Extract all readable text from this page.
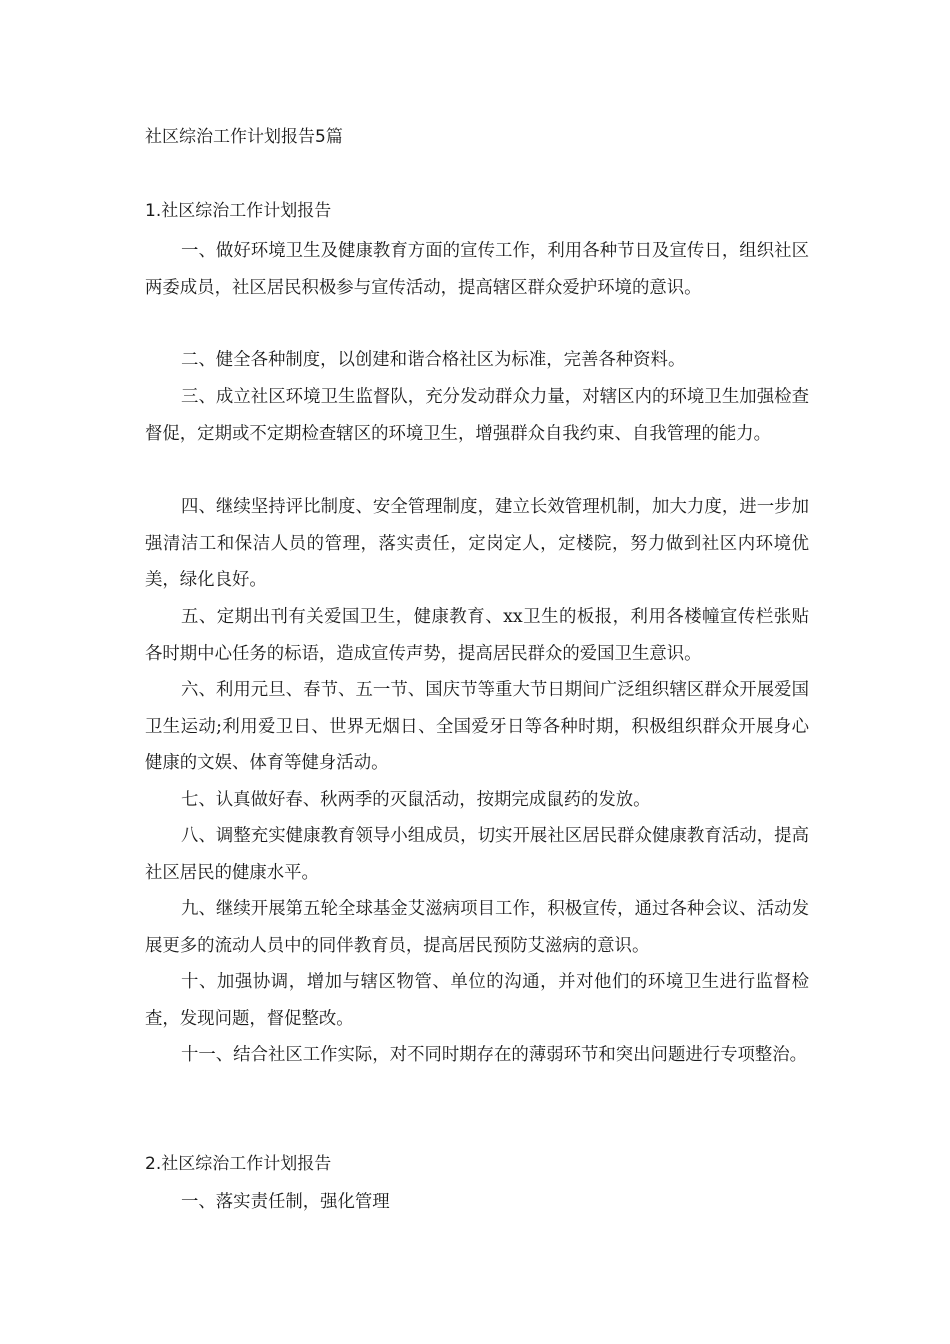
社区综治工作计划报告5篇
1.社区综治工作计划报告

一、做好环境卫生及健康教育方面的宣传工作，利用各种节日及宣传日，组织社区两委成员，社区居民积极参与宣传活动，提高辖区群众爱护环境的意识。

二、健全各种制度，以创建和谐合格社区为标准，完善各种资料。

三、成立社区环境卫生监督队，充分发动群众力量，对辖区内的环境卫生加强检查督促，定期或不定期检查辖区的环境卫生，增强群众自我约束、自我管理的能力。

四、继续坚持评比制度、安全管理制度，建立长效管理机制，加大力度，进一步加强清洁工和保洁人员的管理，落实责任，定岗定人，定楼院，努力做到社区内环境优美，绿化良好。

五、定期出刊有关爱国卫生，健康教育、xx卫生的板报，利用各楼幢宣传栏张贴各时期中心任务的标语，造成宣传声势，提高居民群众的爱国卫生意识。

六、利用元旦、春节、五一节、国庆节等重大节日期间广泛组织辖区群众开展爱国卫生运动;利用爱卫日、世界无烟日、全国爱牙日等各种时期，积极组织群众开展身心健康的文娱、体育等健身活动。

七、认真做好春、秋两季的灭鼠活动，按期完成鼠药的发放。

八、调整充实健康教育领导小组成员，切实开展社区居民群众健康教育活动，提高社区居民的健康水平。

九、继续开展第五轮全球基金艾滋病项目工作，积极宣传，通过各种会议、活动发展更多的流动人员中的同伴教育员，提高居民预防艾滋病的意识。

十、加强协调，增加与辖区物管、单位的沟通，并对他们的环境卫生进行监督检查，发现问题，督促整改。

十一、结合社区工作实际，对不同时期存在的薄弱环节和突出问题进行专项整治。

2.社区综治工作计划报告

一、落实责任制，强化管理
